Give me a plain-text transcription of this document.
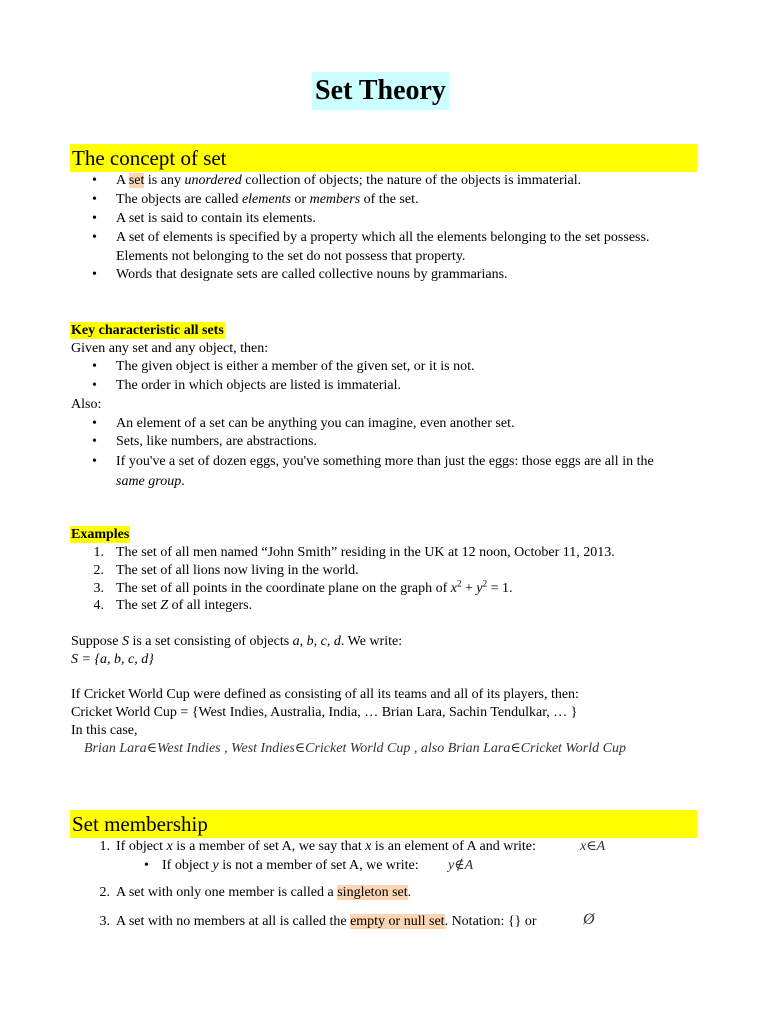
Set Theory
The concept of set
• A set is any unordered collection of objects; the nature of the objects is immaterial.
• The objects are called elements or members of the set.
• A set is said to contain its elements.
• A set of elements is specified by a property which all the elements belonging to the set possess.
Elements not belonging to the set do not possess that property.
• Words that designate sets are called collective nouns by grammarians.
Key characteristic all sets
Given any set and any object, then:
• The given object is either a member of the given set, or it is not.
• The order in which objects are listed is immaterial.
Also:
• An element of a set can be anything you can imagine, even another set.
• Sets, like numbers, are abstractions.
• If you've a set of dozen eggs, you've something more than just the eggs: those eggs are all in the
same group.
Examples
1. The set of all men named “John Smith” residing in the UK at 12 noon, October 11, 2013.
2. The set of all lions now living in the world.
3. The set of all points in the coordinate plane on the graph of $x^2 + y^2 = 1$.
4. The set Z of all integers.
Suppose S is a set consisting of objects a, b, c, d. We write:
S = {a, b, c, d}
If Cricket World Cup were defined as consisting of all its teams and all of its players, then:
Cricket World Cup = {West Indies, Australia, India, … Brian Lara, Sachin Tendulkar, … }
In this case,
Brian Lara∈West Indies , West Indies∈Cricket World Cup , also Brian Lara∈Cricket World Cup
Set membership
1. If object x is a member of set A, we say that x is an element of A and write:	x∈A
• If object y is not a member of set A, we write: y∉A
2. A set with only one member is called a singleton set.
3. A set with no members at all is called the empty or null set. Notation: {} or	Ø
